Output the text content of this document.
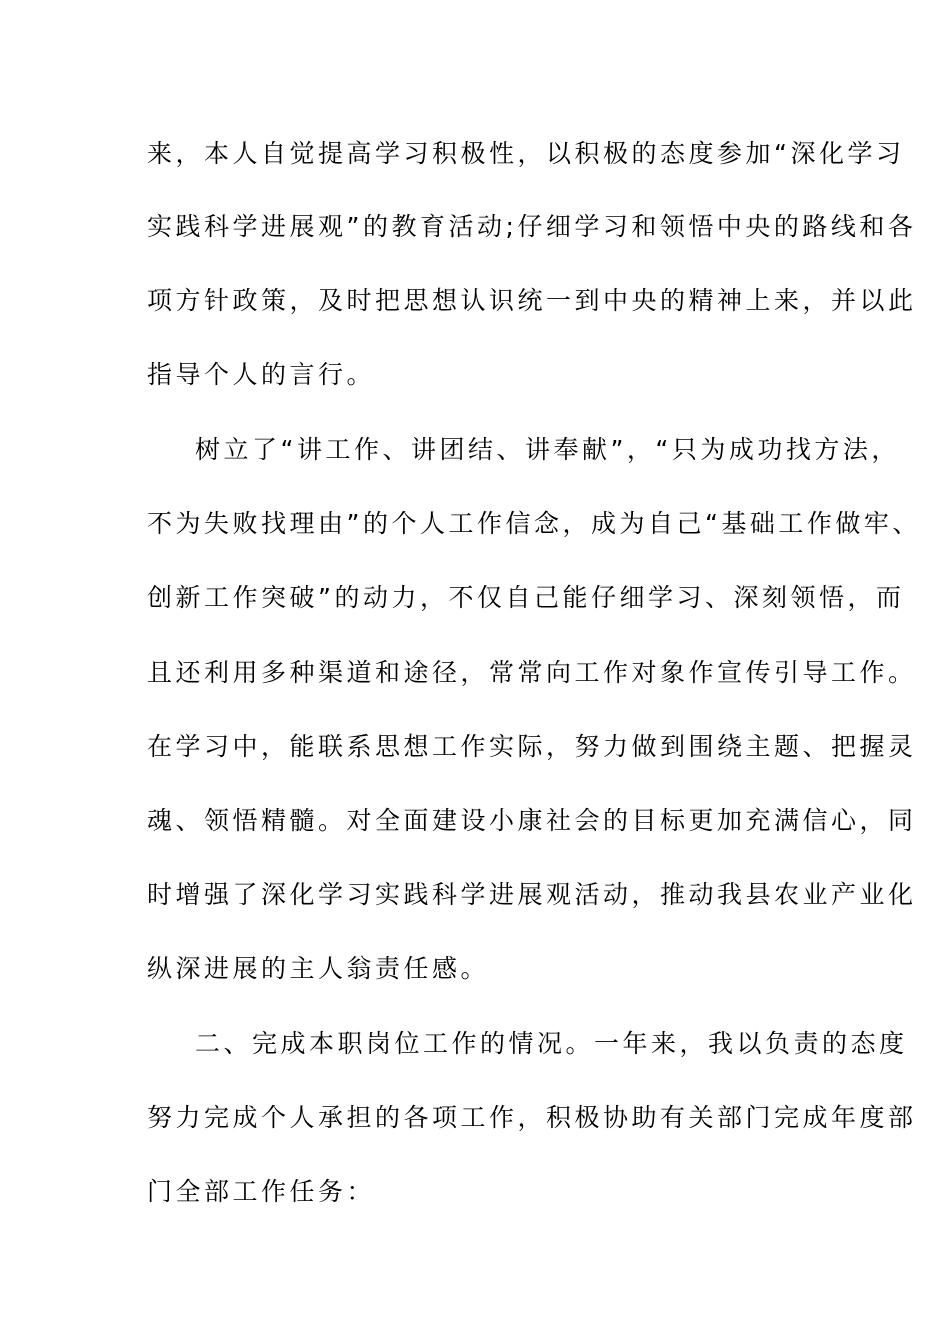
来，本人自觉提高学习积极性，以积极的态度参加“深化学习
实践科学进展观”的教育活动;仔细学习和领悟中央的路线和各
项方针政策，及时把思想认识统一到中央的精神上来，并以此
指导个人的言行。
树立了“讲工作、讲团结、讲奉献”，“只为成功找方法，
不为失败找理由”的个人工作信念，成为自己“基础工作做牢、
创新工作突破”的动力，不仅自己能仔细学习、深刻领悟，而
且还利用多种渠道和途径，常常向工作对象作宣传引导工作。
在学习中，能联系思想工作实际，努力做到围绕主题、把握灵
魂、领悟精髓。对全面建设小康社会的目标更加充满信心，同
时增强了深化学习实践科学进展观活动，推动我县农业产业化
纵深进展的主人翁责任感。
二、完成本职岗位工作的情况。一年来，我以负责的态度
努力完成个人承担的各项工作，积极协助有关部门完成年度部
门全部工作任务：
